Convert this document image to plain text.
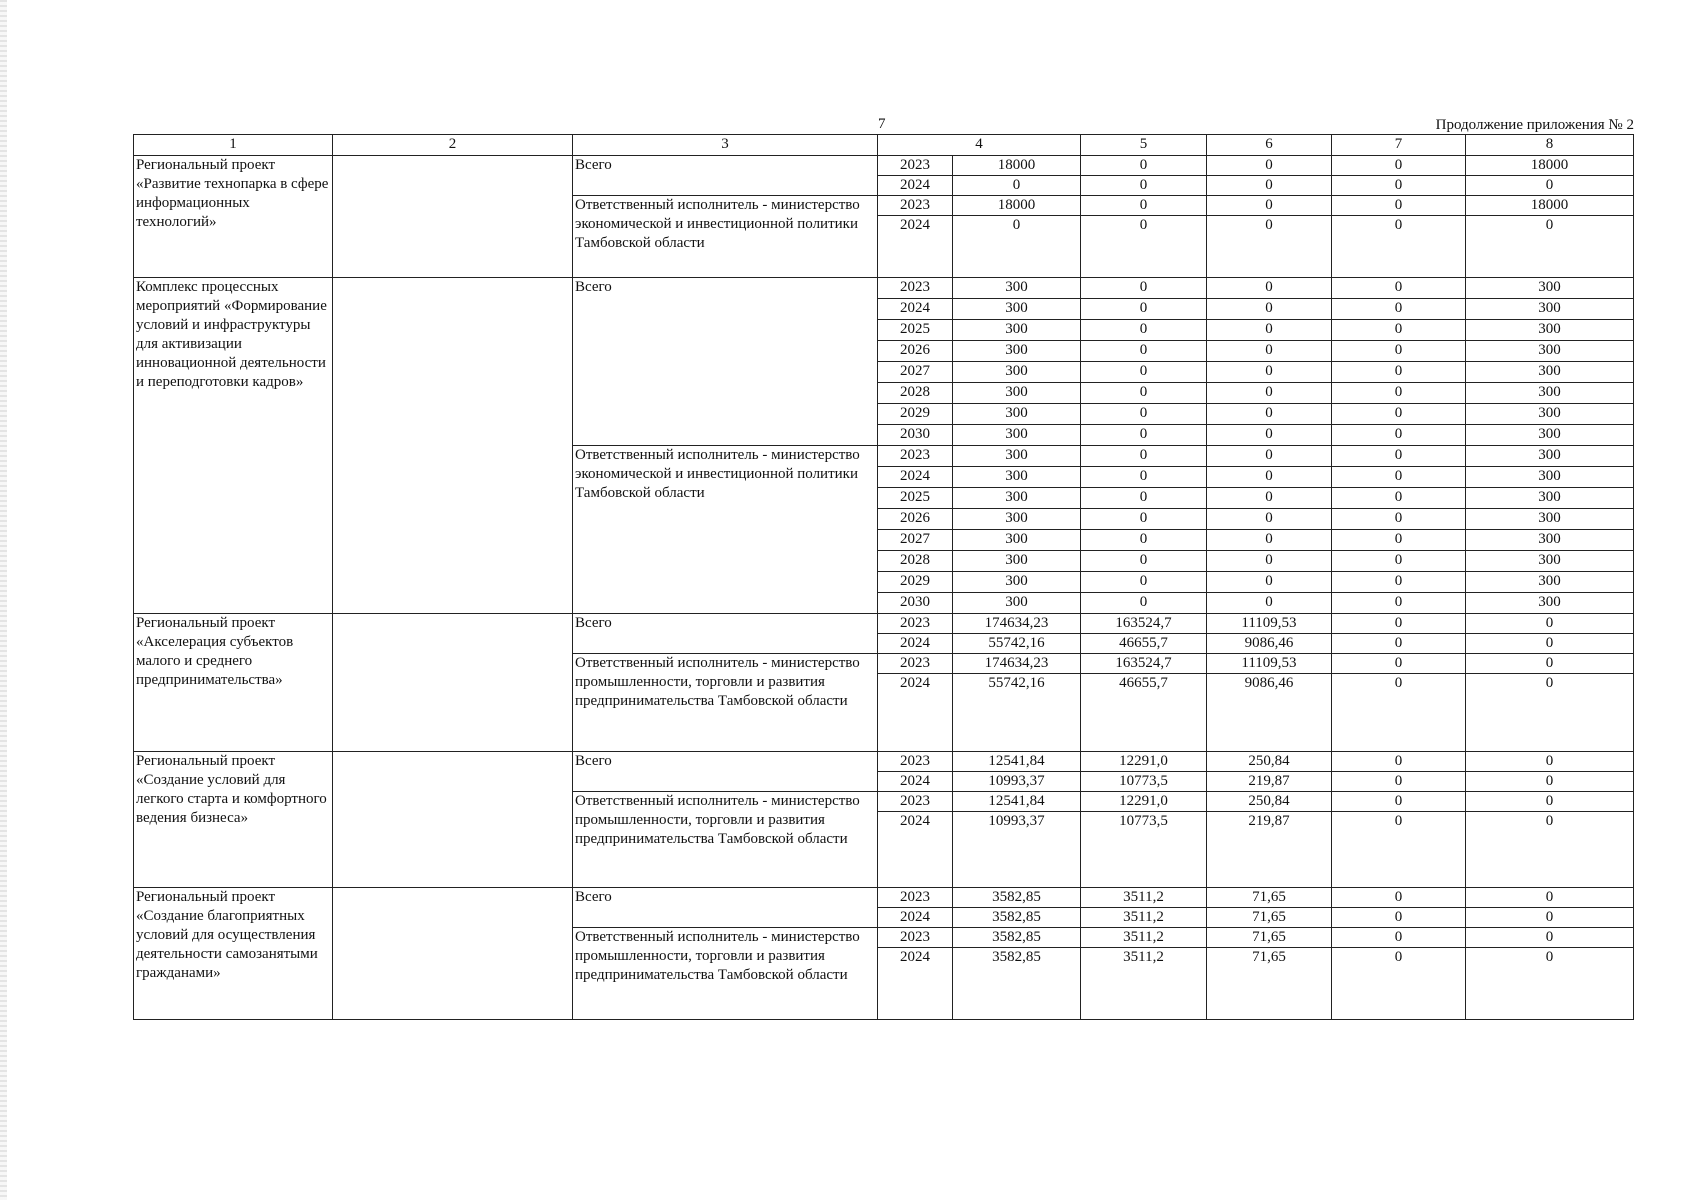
7	Продолжение приложения № 2
1	2	3	4		5	6	7	8
Региональный проект «Развитие технопарка в сфере информационных технологий»		Всего	2023	18000	0	0	0	18000
			2024	0	0	0	0	0
		Ответственный исполнитель - министерство экономической и инвестиционной политики Тамбовской области	2023	18000	0	0	0	18000
			2024	0	0	0	0	0
Комплекс процессных мероприятий «Формирование условий и инфраструктуры для активизации инновационной деятельности и переподготовки кадров»		Всего	2023	300	0	0	0	300
			2024	300	0	0	0	300
			2025	300	0	0	0	300
			2026	300	0	0	0	300
			2027	300	0	0	0	300
			2028	300	0	0	0	300
			2029	300	0	0	0	300
			2030	300	0	0	0	300
		Ответственный исполнитель - министерство экономической и инвестиционной политики Тамбовской области	2023	300	0	0	0	300
			2024	300	0	0	0	300
			2025	300	0	0	0	300
			2026	300	0	0	0	300
			2027	300	0	0	0	300
			2028	300	0	0	0	300
			2029	300	0	0	0	300
			2030	300	0	0	0	300
Региональный проект «Акселерация субъектов малого и среднего предпринимательства»		Всего	2023	174634,23	163524,7	11109,53	0	0
			2024	55742,16	46655,7	9086,46	0	0
		Ответственный исполнитель - министерство промышленности, торговли и развития предпринимательства Тамбовской области	2023	174634,23	163524,7	11109,53	0	0
			2024	55742,16	46655,7	9086,46	0	0
Региональный проект «Создание условий для легкого старта и комфортного ведения бизнеса»		Всего	2023	12541,84	12291,0	250,84	0	0
			2024	10993,37	10773,5	219,87	0	0
		Ответственный исполнитель - министерство промышленности, торговли и развития предпринимательства Тамбовской области	2023	12541,84	12291,0	250,84	0	0
			2024	10993,37	10773,5	219,87	0	0
Региональный проект «Создание благоприятных условий для осуществления деятельности самозанятыми гражданами»		Всего	2023	3582,85	3511,2	71,65	0	0
			2024	3582,85	3511,2	71,65	0	0
		Ответственный исполнитель - министерство промышленности, торговли и развития предпринимательства Тамбовской области	2023	3582,85	3511,2	71,65	0	0
			2024	3582,85	3511,2	71,65	0	0
